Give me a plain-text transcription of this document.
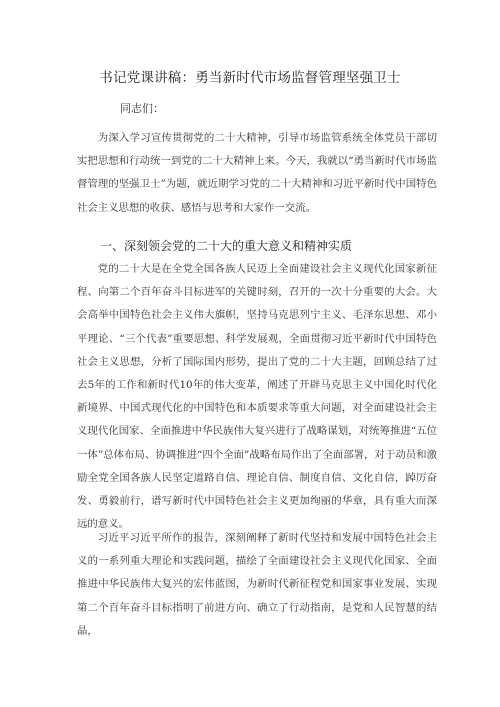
书记党课讲稿：勇当新时代市场监督管理坚强卫士

同志们：

为深入学习宣传贯彻党的二十大精神，引导市场监管系统全体党员干部切实把思想和行动统一到党的二十大精神上来。今天，我就以“勇当新时代市场监督管理的坚强卫士”为题，就近期学习党的二十大精神和习近平新时代中国特色社会主义思想的收获、感悟与思考和大家作一交流。

一、深刻领会党的二十大的重大意义和精神实质

党的二十大是在全党全国各族人民迈上全面建设社会主义现代化国家新征程、向第二个百年奋斗目标进军的关键时刻，召开的一次十分重要的大会。大会高举中国特色社会主义伟大旗帜，坚持马克思列宁主义、毛泽东思想、邓小平理论、“三个代表”重要思想、科学发展观，全面贯彻习近平新时代中国特色社会主义思想，分析了国际国内形势，提出了党的二十大主题，回顾总结了过去5年的工作和新时代10年的伟大变革，阐述了开辟马克思主义中国化时代化新境界、中国式现代化的中国特色和本质要求等重大问题，对全面建设社会主义现代化国家、全面推进中华民族伟大复兴进行了战略谋划，对统筹推进“五位一体”总体布局、协调推进“四个全面”战略布局作出了全面部署，对于动员和激励全党全国各族人民坚定道路自信、理论自信、制度自信、文化自信，踔厉奋发、勇毅前行，谱写新时代中国特色社会主义更加绚丽的华章，具有重大而深远的意义。

习近平习近平所作的报告，深刻阐释了新时代坚持和发展中国特色社会主义的一系列重大理论和实践问题，描绘了全面建设社会主义现代化国家、全面推进中华民族伟大复兴的宏伟蓝图，为新时代新征程党和国家事业发展、实现第二个百年奋斗目标指明了前进方向、确立了行动指南，是党和人民智慧的结晶，
